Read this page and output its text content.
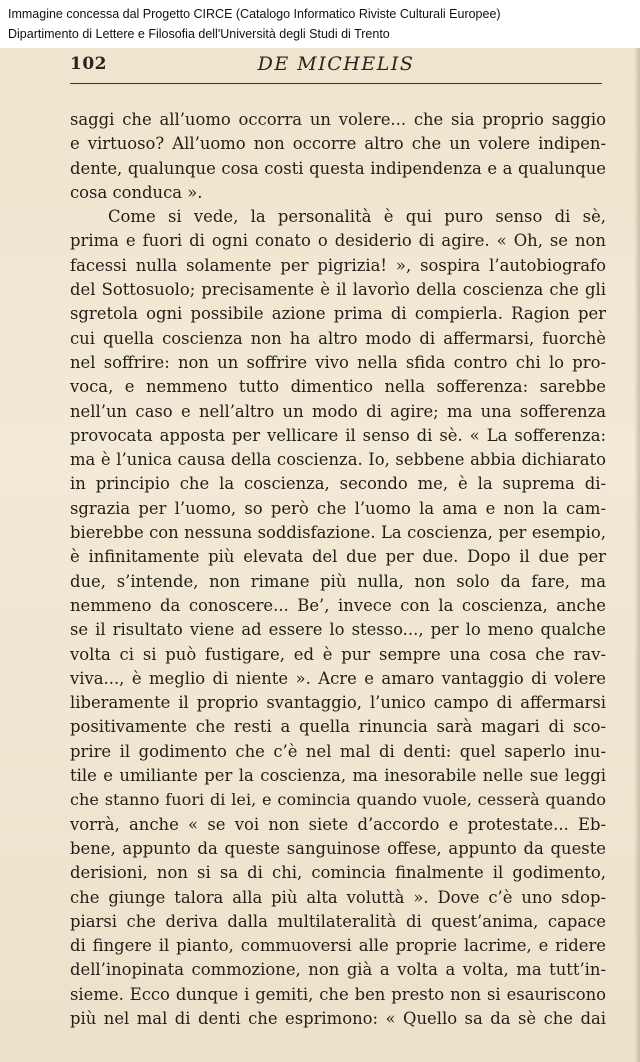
Immagine concessa dal Progetto CIRCE (Catalogo Informatico Riviste Culturali Europee)
Dipartimento di Lettere e Filosofia dell'Università degli Studi di Trento
102	DE MICHELIS
saggi che all’uomo occorra un volere... che sia proprio saggio
e virtuoso? All’uomo non occorre altro che un volere indipen-
dente, qualunque cosa costi questa indipendenza e a qualunque
cosa conduca ».
Come si vede, la personalità è qui puro senso di sè,
prima e fuori di ogni conato o desiderio di agire. « Oh, se non
facessi nulla solamente per pigrizia! », sospira l’autobiografo
del Sottosuolo; precisamente è il lavorìo della coscienza che gli
sgretola ogni possibile azione prima di compierla. Ragion per
cui quella coscienza non ha altro modo di affermarsi, fuorchè
nel soffrire: non un soffrire vivo nella sfida contro chi lo pro-
voca, e nemmeno tutto dimentico nella sofferenza: sarebbe
nell’un caso e nell’altro un modo di agire; ma una sofferenza
provocata apposta per vellicare il senso di sè. « La sofferenza:
ma è l’unica causa della coscienza. Io, sebbene abbia dichiarato
in principio che la coscienza, secondo me, è la suprema di-
sgrazia per l’uomo, so però che l’uomo la ama e non la cam-
bierebbe con nessuna soddisfazione. La coscienza, per esempio,
è infinitamente più elevata del due per due. Dopo il due per
due, s’intende, non rimane più nulla, non solo da fare, ma
nemmeno da conoscere... Be’, invece con la coscienza, anche
se il risultato viene ad essere lo stesso..., per lo meno qualche
volta ci si può fustigare, ed è pur sempre una cosa che rav-
viva..., è meglio di niente ». Acre e amaro vantaggio di volere
liberamente il proprio svantaggio, l’unico campo di affermarsi
positivamente che resti a quella rinuncia sarà magari di sco-
prire il godimento che c’è nel mal di denti: quel saperlo inu-
tile e umiliante per la coscienza, ma inesorabile nelle sue leggi
che stanno fuori di lei, e comincia quando vuole, cesserà quando
vorrà, anche « se voi non siete d’accordo e protestate... Eb-
bene, appunto da queste sanguinose offese, appunto da queste
derisioni, non si sa di chi, comincia finalmente il godimento,
che giunge talora alla più alta voluttà ». Dove c’è uno sdop-
piarsi che deriva dalla multilateralità di quest’anima, capace
di fingere il pianto, commuoversi alle proprie lacrime, e ridere
dell’inopinata commozione, non già a volta a volta, ma tutt’in-
sieme. Ecco dunque i gemiti, che ben presto non si esauriscono
più nel mal di denti che esprimono: « Quello sa da sè che dai
